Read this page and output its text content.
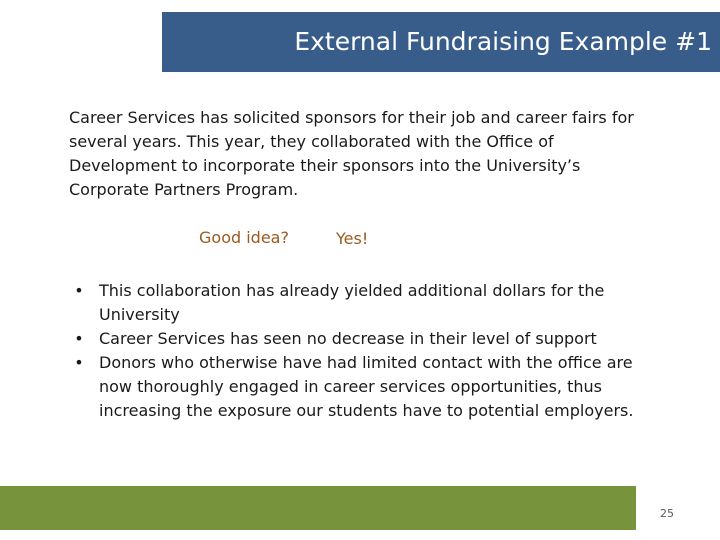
External Fundraising Example #1

Career Services has solicited sponsors for their job and career fairs for several years. This year, they collaborated with the Office of Development to incorporate their sponsors into the University’s Corporate Partners Program.

Good idea?	Yes!
• This collaboration has already yielded additional dollars for the University
• Career Services has seen no decrease in their level of support
• Donors who otherwise have had limited contact with the office are now thoroughly engaged in career services opportunities, thus increasing the exposure our students have to potential employers.
25
